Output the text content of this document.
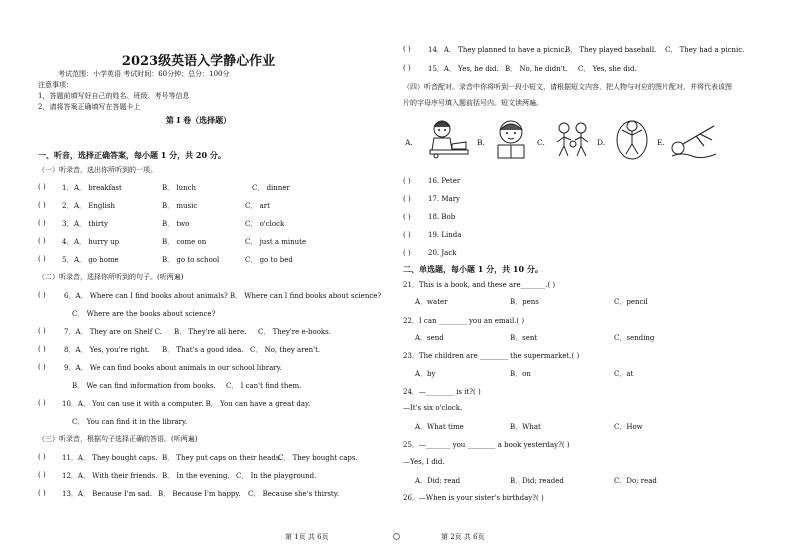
2023级英语入学静心作业
考试范围：小学英语 考试时间：60分钟；总分：100分
注意事项：
1，答题前填写好自己的姓名、班级、考号等信息
2，请将答案正确填写在答题卡上
第 I 卷（选择题）
一、听音，选择正确答案，每小题 1 分，共 20 分。
（一）听录音，选出你所听到的一项。
( ) 1． A． breakfast	B． lunch	C． dinner
( ) 2． A． English	B． music	C． art
( ) 3． A． thirty	B． two	C． o'clock
( ) 4． A． hurry up	B． come on	C． just a minute
( ) 5． A． go home	B． go to school	C． go to bed
（二）听录音，选择你所听到的句子。(听两遍)
( )	6．A． Where can I find books about animals? B． Where can I find books about science?
C． Where are the books about science?
( )	7．A． They are on Shelf C. B． They're all here. C． They're e-books.
( )	8．A． Yes, you're right. B． That's a good idea. C． No, they aren't.
( )	9．A． We can find books about animals in our school library.
B． We can find information from books. C． I can't find them.
( ) 10．A． You can use it with a computer. B． You can have a great day.
C． You can find it in the library.
（三）听录音，根据句子选择正确的答语。(听两遍)
( ) 11．A． They bought caps. B． They put caps on their heads.
C． They bought caps.
( ) 12．A． With their friends. B． In the evening. C． In the playground.
( ) 13．A． Because I'm sad. B． Because I'm happy. C． Because she's thirsty.
第 1页 共 6页
( ) 14．A． They planned to have a picnic.
B． They played baseball. C． They had a picnic.
( ) 15．A． Yes, he did. B． No, he didn't. C． Yes, she did.
（四）听音配对。录音中你将听到一段小短文，请根据短文内容，把人物与对应的图片配对，并将代表该图
片的字母序号填入题前括号内。短文读两遍。
A.	B.	C.	D.	E.
( ) 16. Peter
( ) 17. Mary
( ) 18. Bob
( ) 19. Linda
( ) 20. Jack
二、单选题，每小题 1 分，共 10 分。
21．This is a book, and these are_______.( )
A．water	B．pens	C．pencil
22．I can ________ you an email.( )
A．send	B．sent	C．sending
23．The children are ________ the supermarket.( )
A．by	B．on	C．at
24．—________ is it?( )
—It's six o'clock.
A．What time	B．What	C．How
25．—_______ you ________ a book yesterday?( )
—Yes, I did.
A．Did; read	B．Did; readed	C．Do; read
26．—When is your sister's birthday?( )
第 2页 共 6页
